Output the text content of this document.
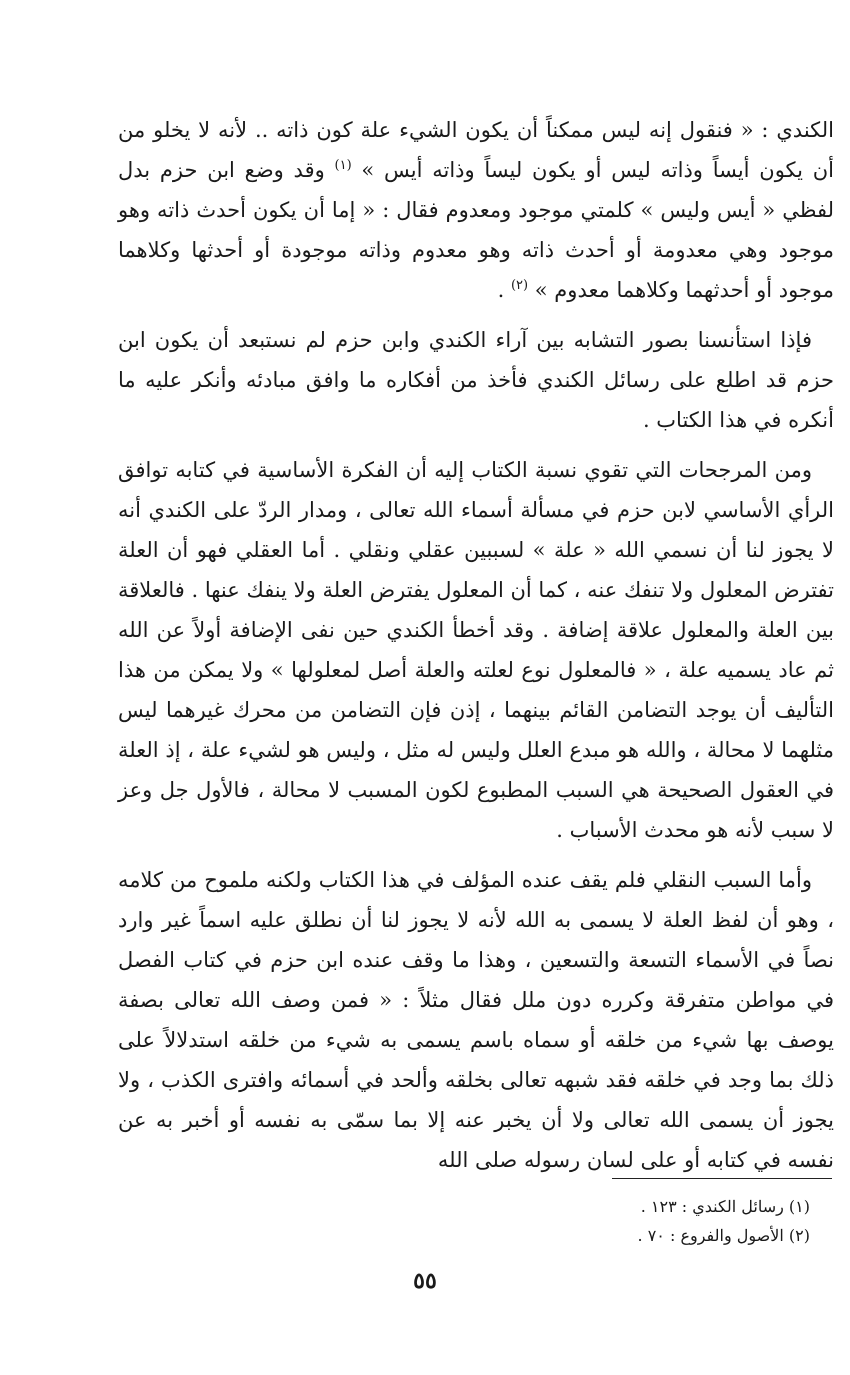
الكندي : « فنقول إنه ليس ممكناً أن يكون الشيء علة كون ذاته .. لأنه لا يخلو من أن يكون أيساً وذاته ليس أو يكون ليساً وذاته أيس » $^{(١)}$ وقد وضع ابن حزم بدل لفظي « أيس وليس » كلمتي موجود ومعدوم فقال : « إما أن يكون أحدث ذاته وهو موجود وهي معدومة أو أحدث ذاته وهو معدوم وذاته موجودة أو أحدثها وكلاهما موجود أو أحدثهما وكلاهما معدوم » $^{(٢)}$ .

فإذا استأنسنا بصور التشابه بين آراء الكندي وابن حزم لم نستبعد أن يكون ابن حزم قد اطلع على رسائل الكندي فأخذ من أفكاره ما وافق مبادئه وأنكر عليه ما أنكره في هذا الكتاب .

ومن المرجحات التي تقوي نسبة الكتاب إليه أن الفكرة الأساسية في كتابه توافق الرأي الأساسي لابن حزم في مسألة أسماء الله تعالى ، ومدار الردّ على الكندي أنه لا يجوز لنا أن نسمي الله « علة » لسببين عقلي ونقلي . أما العقلي فهو أن العلة تفترض المعلول ولا تنفك عنه ، كما أن المعلول يفترض العلة ولا ينفك عنها . فالعلاقة بين العلة والمعلول علاقة إضافة . وقد أخطأ الكندي حين نفى الإضافة أولاً عن الله ثم عاد يسميه علة ، « فالمعلول نوع لعلته والعلة أصل لمعلولها » ولا يمكن من هذا التأليف أن يوجد التضامن القائم بينهما ، إذن فإن التضامن من محرك غيرهما ليس مثلهما لا محالة ، والله هو مبدع العلل وليس له مثل ، وليس هو لشيء علة ، إذ العلة في العقول الصحيحة هي السبب المطبوع لكون المسبب لا محالة ، فالأول جل وعز لا سبب لأنه هو محدث الأسباب .

وأما السبب النقلي فلم يقف عنده المؤلف في هذا الكتاب ولكنه ملموح من كلامه ، وهو أن لفظ العلة لا يسمى به الله لأنه لا يجوز لنا أن نطلق عليه اسماً غير وارد نصاً في الأسماء التسعة والتسعين ، وهذا ما وقف عنده ابن حزم في كتاب الفصل في مواطن متفرقة وكرره دون ملل فقال مثلاً : « فمن وصف الله تعالى بصفة يوصف بها شيء من خلقه أو سماه باسم يسمى به شيء من خلقه استدلالاً على ذلك بما وجد في خلقه فقد شبهه تعالى بخلقه وألحد في أسمائه وافترى الكذب ، ولا يجوز أن يسمى الله تعالى ولا أن يخبر عنه إلا بما سمّى به نفسه أو أخبر به عن نفسه في كتابه أو على لسان رسوله صلى الله

(١) رسائل الكندي : ١٢٣ .

(٢) الأصول والفروع : ٧٠ .

٥٥
